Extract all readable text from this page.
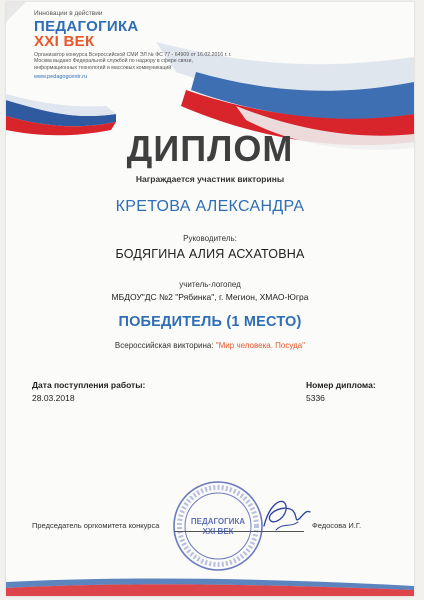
Инновации в действии
ПЕДАГОГИКА
XXI ВЕК
Организатор конкурса Всероссийской СМИ ЭЛ № ФС 77 - 64909 от 16.02.2016 г. г. Москва выдано Федеральной службой по надзору в сфере связи, информационных технологий и массовых коммуникаций
www.pedagogcentr.ru
ДИПЛОМ
Награждается участник викторины
КРЕТОВА АЛЕКСАНДРА
Руководитель:
БОДЯГИНА АЛИЯ АСХАТОВНА
учитель-логопед
МБДОУ"ДС №2 "Рябинка", г. Мегион, ХМАО-Югра
ПОБЕДИТЕЛЬ (1 МЕСТО)
Всероссийская викторина: "Мир человека. Посуда"
Дата поступления работы:
28.03.2018
Номер диплома:
5336
Председатель оргкомитета конкурса	ПЕДАГОГИКА
XXI ВЕК
Федосова И.Г.
